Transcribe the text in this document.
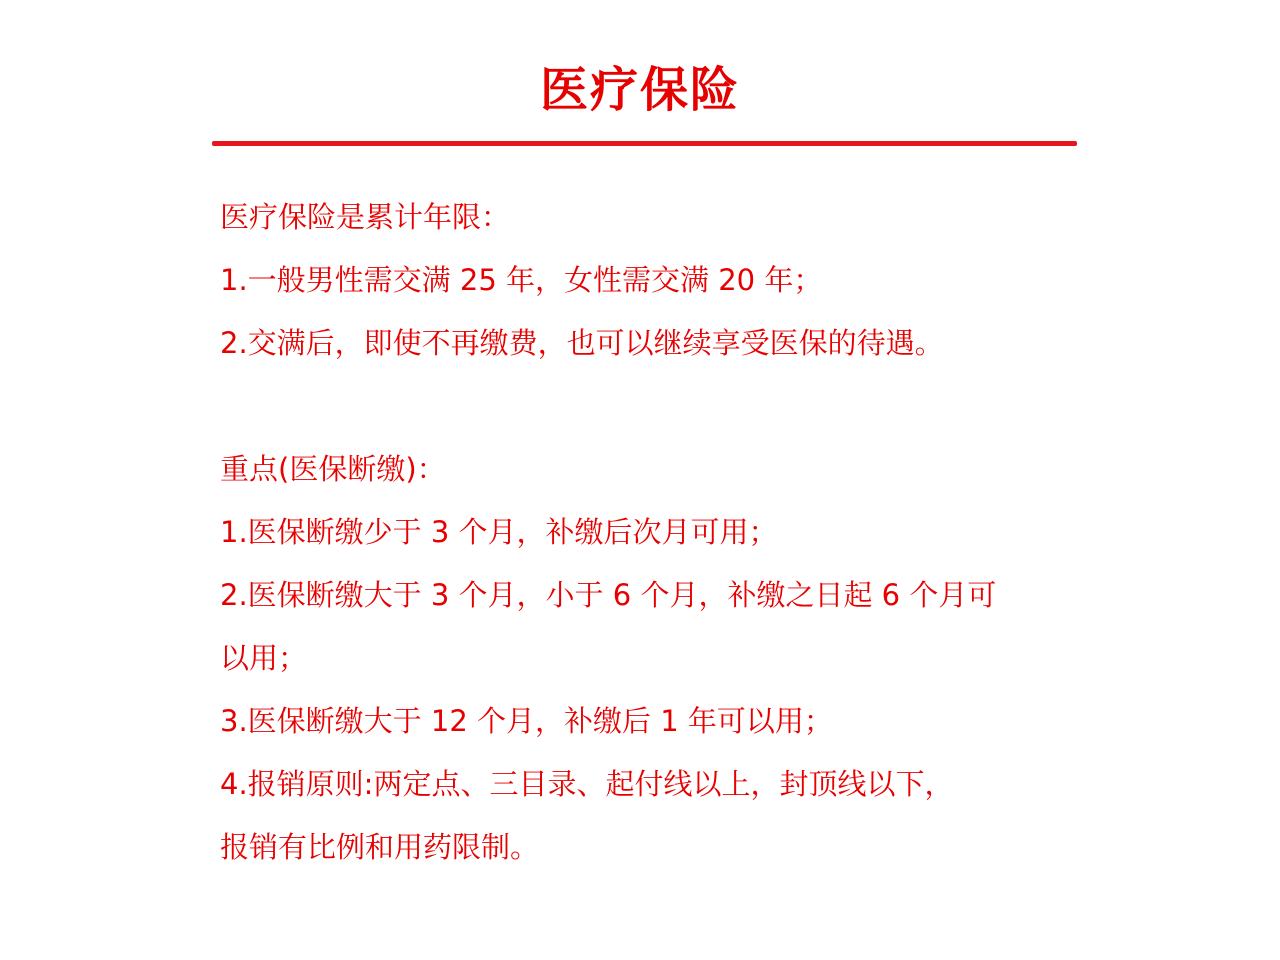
医疗保险
医疗保险是累计年限：
1.一般男性需交满 25 年，女性需交满 20 年；
2.交满后，即使不再缴费，也可以继续享受医保的待遇。
重点(医保断缴)：
1.医保断缴少于 3 个月，补缴后次月可用；
2.医保断缴大于 3 个月，小于 6 个月，补缴之日起 6 个月可
以用；
3.医保断缴大于 12 个月，补缴后 1 年可以用；
4.报销原则:两定点、三目录、起付线以上，封顶线以下，
报销有比例和用药限制。
